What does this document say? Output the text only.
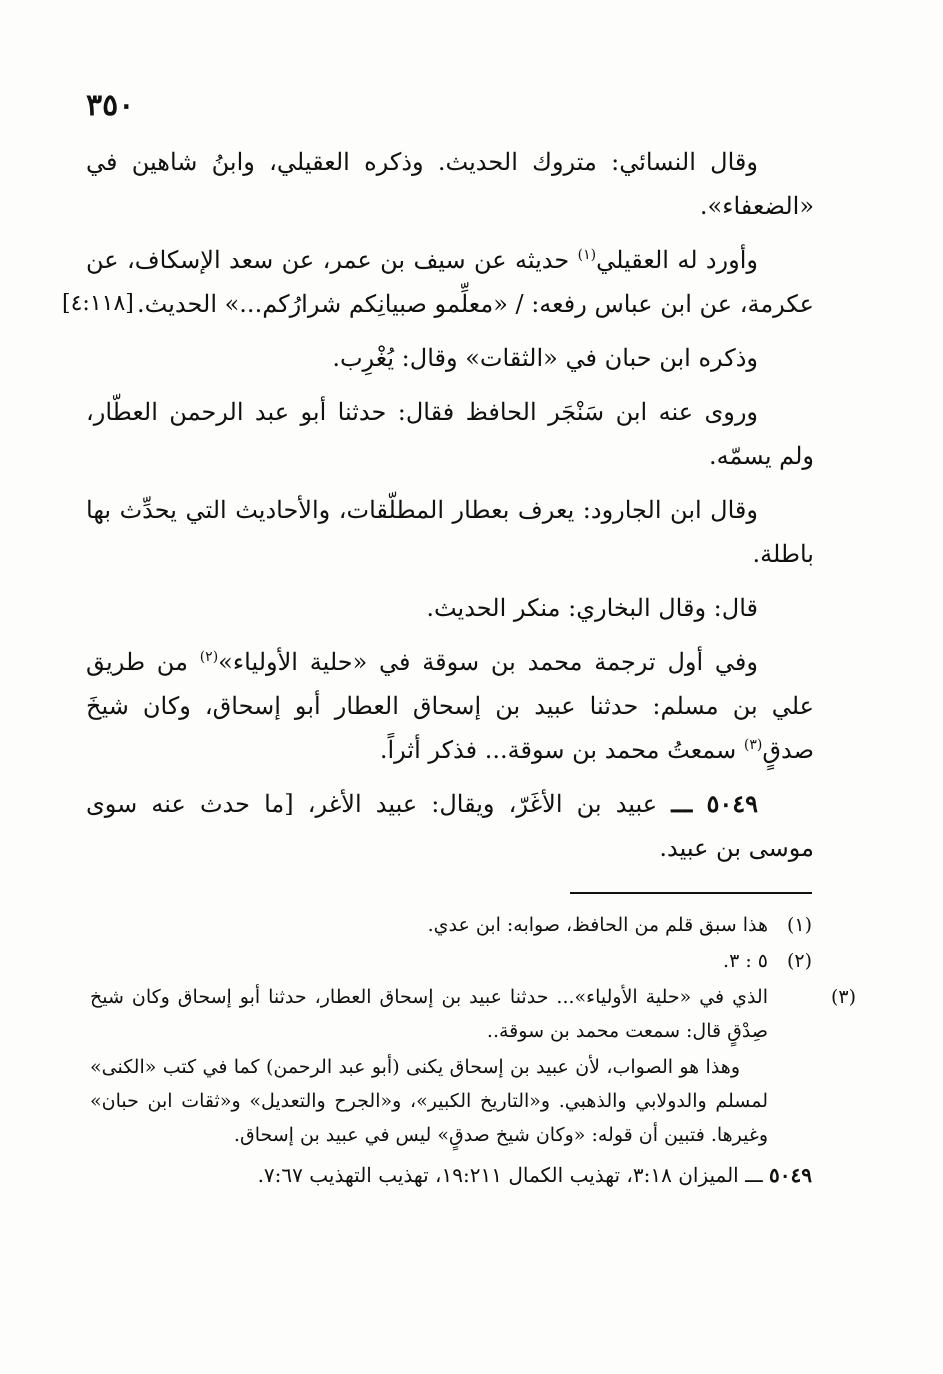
٣٥٠

وقال النسائي: متروك الحديث. وذكره العقيلي، وابنُ شاهين في «الضعفاء».

وأورد له العقيلي$^{(١)}$ حديثه عن سيف بن عمر، عن سعد الإسكاف، عن عكرمة، عن ابن عباس رفعه: / «معلِّمو صبيانِكم شرارُكم...» الحديث.
[٤:١١٨]

وذكره ابن حبان في «الثقات» وقال: يُغْرِب.

وروى عنه ابن سَنْجَر الحافظ فقال: حدثنا أبو عبد الرحمن العطّار، ولم يسمّه.

وقال ابن الجارود: يعرف بعطار المطلّقات، والأحاديث التي يحدِّث بها باطلة.

قال: وقال البخاري: منكر الحديث.

وفي أول ترجمة محمد بن سوقة في «حلية الأولياء»$^{(٢)}$ من طريق علي بن مسلم: حدثنا عبيد بن إسحاق العطار أبو إسحاق، وكان شيخَ صدقٍ$^{(٣)}$ سمعتُ محمد بن سوقة... فذكر أثراً.

٥٠٤٩ ـــ عبيد بن الأغَرّ، ويقال: عبيد الأغر، [ما حدث عنه سوى موسى بن عبيد.

(١)هذا سبق قلم من الحافظ، صوابه: ابن عدي.

(٢)٥ : ٣.

(٣)الذي في «حلية الأولياء»... حدثنا عبيد بن إسحاق العطار، حدثنا أبو إسحاق وكان شيخ صِدْقٍ قال: سمعت محمد بن سوقة..

وهذا هو الصواب، لأن عبيد بن إسحاق يكنى (أبو عبد الرحمن) كما في كتب «الكنى» لمسلم والدولابي والذهبي. و«التاريخ الكبير»، و«الجرح والتعديل» و«ثقات ابن حبان» وغيرها. فتبين أن قوله: «وكان شيخ صدقٍ» ليس في عبيد بن إسحاق.

٥٠٤٩ ـــ الميزان ٣:١٨، تهذيب الكمال ١٩:٢١١، تهذيب التهذيب ٧:٦٧.
